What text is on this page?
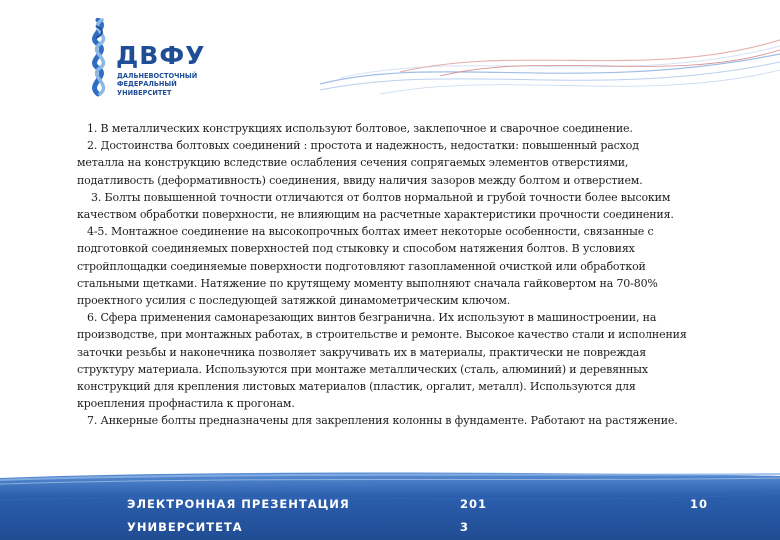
ДВФУ
ДАЛЬНЕВОСТОЧНЫЙ
ФЕДЕРАЛЬНЫЙ
УНИВЕРСИТЕТ

1. В металлических конструкциях используют болтовое, заклепочное и сварочное соединение.

2. Достоинства болтовых соединений : простота и надежность, недостатки: повышенный расход металла на конструкцию вследствие ослабления сечения сопрягаемых элементов отверстиями, податливость (деформативность) соединения, ввиду наличия зазоров между болтом и отверстием.

3. Болты повышенной точности отличаются от болтов нормальной и грубой точности более высоким качеством обработки поверхности, не влияющим на расчетные характеристики прочности соединения.

4-5. Монтажное соединение на высокопрочных болтах имеет некоторые особенности, связанные с подготовкой соединяемых поверхностей под стыковку и способом натяжения болтов. В условиях стройплощадки соединяемые поверхности подготовляют газопламенной очисткой или обработкой стальными щетками. Натяжение по крутящему моменту выполняют сначала гайковертом на 70-80% проектного усилия с последующей затяжкой динамометрическим ключом.

6. Сфера применения самонарезающих винтов безгранична. Их используют в машиностроении, на производстве, при монтажных работах, в строительстве и ремонте. Высокое качество стали и исполнения заточки резьбы и наконечника позволяет закручивать их в материалы, практически не повреждая структуру материала. Используются при монтаже металлических (сталь, алюминий) и деревянных конструкций для крепления листовых материалов (пластик, оргалит, металл). Используются для кроепления профнастила к прогонам.

7. Анкерные болты предназначены для закрепления колонны в фундаменте. Работают на растяжение.

ЭЛЕКТРОННАЯ ПРЕЗЕНТАЦИЯ УНИВЕРСИТЕТА
201 3
10
